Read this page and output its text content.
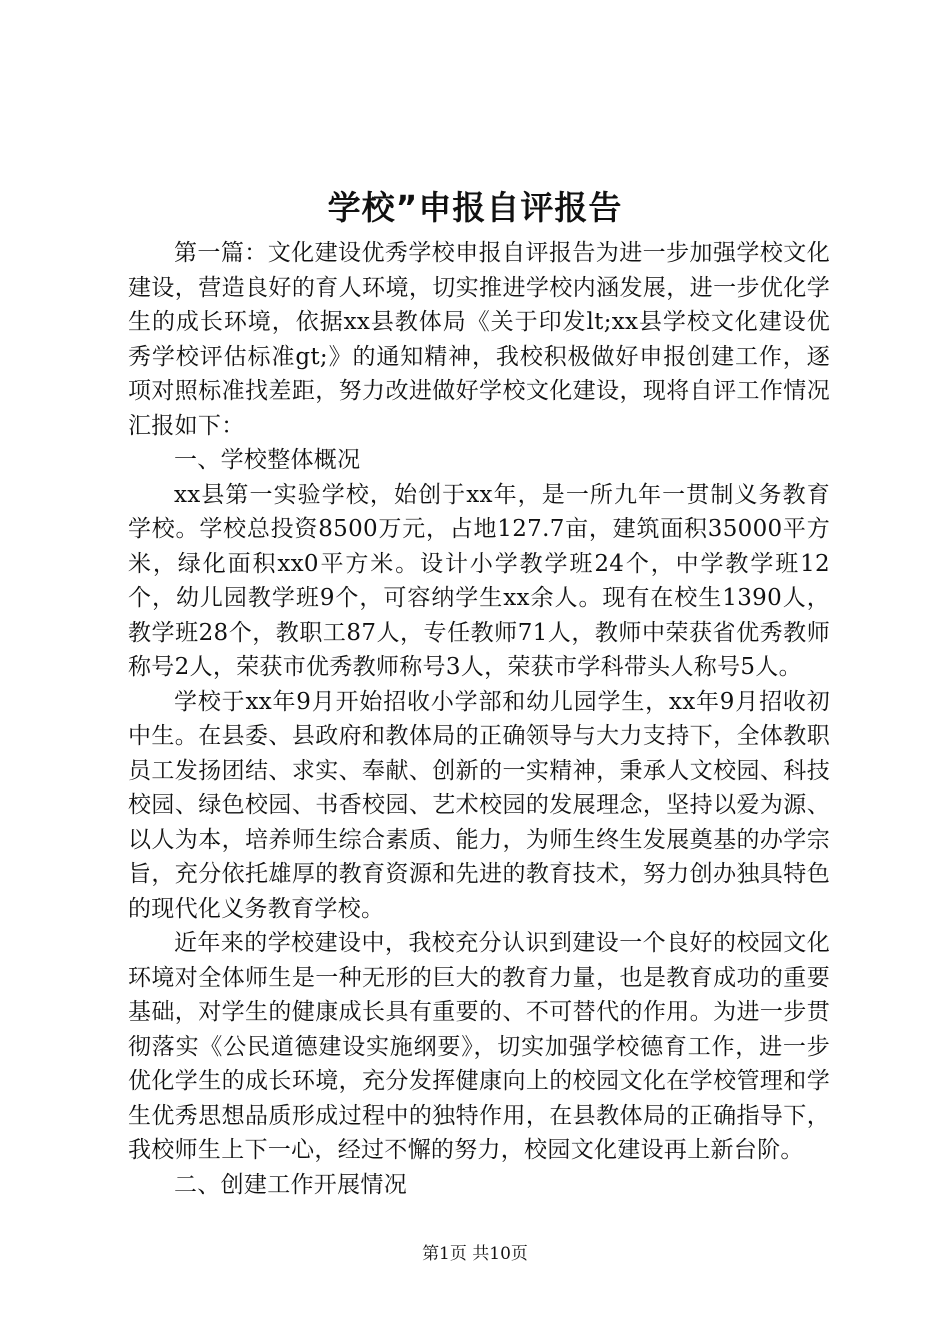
学校”申报自评报告

第一篇：文化建设优秀学校申报自评报告为进一步加强学校文化建设，营造良好的育人环境，切实推进学校内涵发展，进一步优化学生的成长环境，依据xx县教体局《关于印发lt;xx县学校文化建设优秀学校评估标准gt;》的通知精神，我校积极做好申报创建工作，逐项对照标准找差距，努力改进做好学校文化建设，现将自评工作情况汇报如下：

一、学校整体概况

xx县第一实验学校，始创于xx年，是一所九年一贯制义务教育学校。学校总投资8500万元，占地127.7亩，建筑面积35000平方米，绿化面积xx0平方米。设计小学教学班24个，中学教学班12个，幼儿园教学班9个，可容纳学生xx余人。现有在校生1390人，教学班28个，教职工87人，专任教师71人，教师中荣获省优秀教师称号2人，荣获市优秀教师称号3人，荣获市学科带头人称号5人。

学校于xx年9月开始招收小学部和幼儿园学生，xx年9月招收初中生。在县委、县政府和教体局的正确领导与大力支持下，全体教职员工发扬团结、求实、奉献、创新的一实精神，秉承人文校园、科技校园、绿色校园、书香校园、艺术校园的发展理念，坚持以爱为源、以人为本，培养师生综合素质、能力，为师生终生发展奠基的办学宗旨，充分依托雄厚的教育资源和先进的教育技术，努力创办独具特色的现代化义务教育学校。

近年来的学校建设中，我校充分认识到建设一个良好的校园文化环境对全体师生是一种无形的巨大的教育力量，也是教育成功的重要基础，对学生的健康成长具有重要的、不可替代的作用。为进一步贯彻落实《公民道德建设实施纲要》，切实加强学校德育工作，进一步优化学生的成长环境，充分发挥健康向上的校园文化在学校管理和学生优秀思想品质形成过程中的独特作用，在县教体局的正确指导下，我校师生上下一心，经过不懈的努力，校园文化建设再上新台阶。

二、创建工作开展情况

第1页 共10页
